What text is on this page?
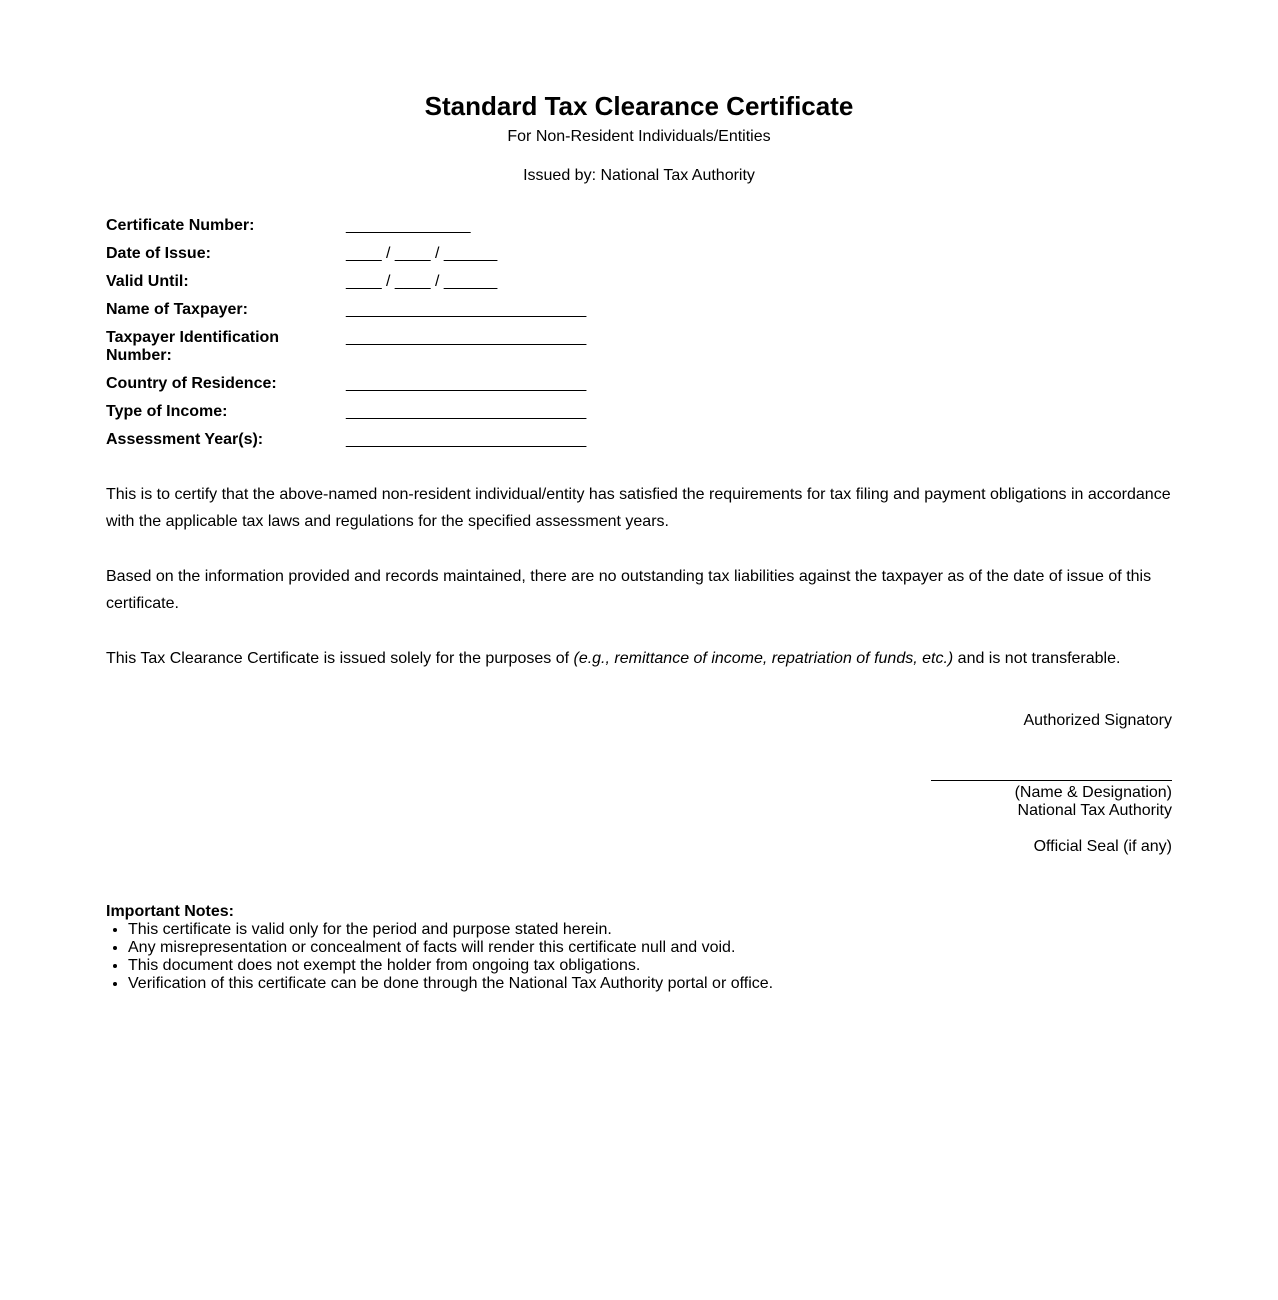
Standard Tax Clearance Certificate
For Non-Resident Individuals/Entities
Issued by: National Tax Authority
Certificate Number:	______________
Date of Issue:	____ / ____ / ______
Valid Until:	____ / ____ / ______
Name of Taxpayer:	___________________________
Taxpayer Identification Number:
___________________________
Country of Residence:	___________________________
Type of Income:	___________________________
Assessment Year(s):	___________________________

This is to certify that the above-named non-resident individual/entity has satisfied the requirements for tax filing and payment obligations in accordance with the applicable tax laws and regulations for the specified assessment years.

Based on the information provided and records maintained, there are no outstanding tax liabilities against the taxpayer as of the date of issue of this certificate.

This Tax Clearance Certificate is issued solely for the purposes of (e.g., remittance of income, repatriation of funds, etc.) and is not transferable.

Authorized Signatory
(Name & Designation)
National Tax Authority
Official Seal (if any)
Important Notes:
• This certificate is valid only for the period and purpose stated herein.
• Any misrepresentation or concealment of facts will render this certificate null and void.
• This document does not exempt the holder from ongoing tax obligations.
• Verification of this certificate can be done through the National Tax Authority portal or office.
